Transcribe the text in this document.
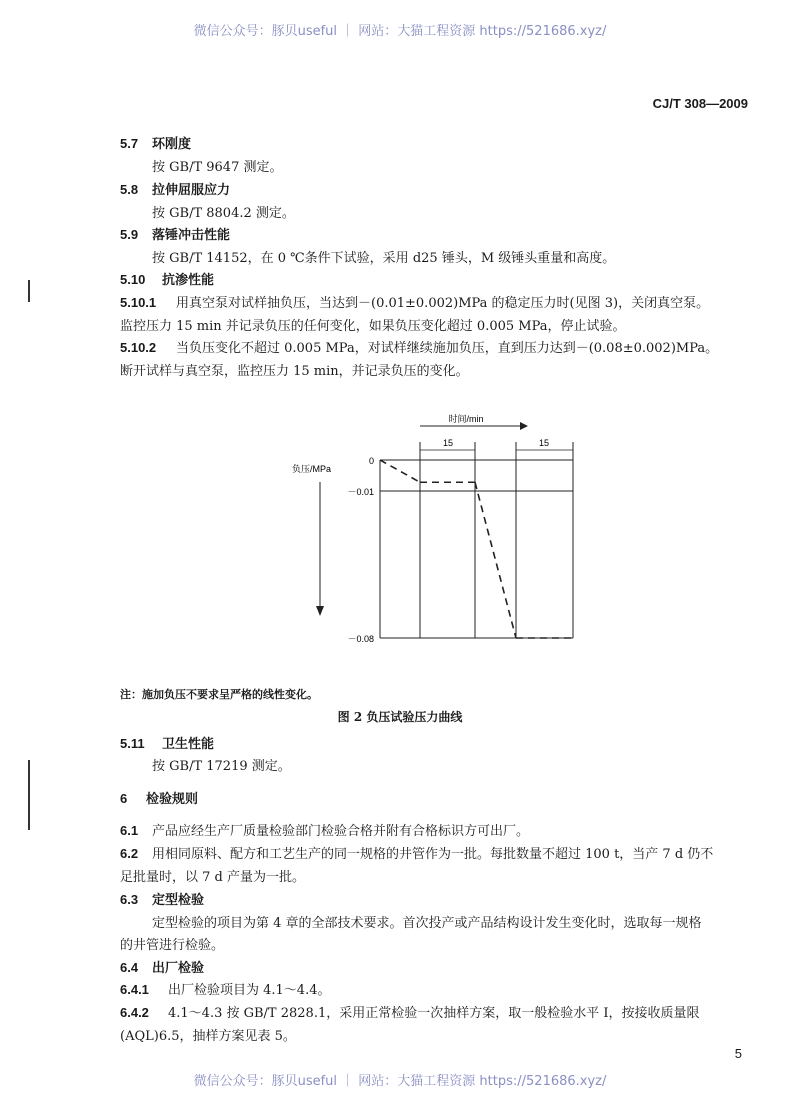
微信公众号：豚贝useful ｜ 网站：大猫工程资源 https://521686.xyz/
CJ/T 308—2009
5.7 环刚度
按 GB/T 9647 测定。
5.8 拉伸屈服应力
按 GB/T 8804.2 测定。
5.9 落锤冲击性能
按 GB/T 14152，在 0 ℃条件下试验，采用 d25 锤头，M 级锤头重量和高度。
5.10 抗渗性能
5.10.1 用真空泵对试样抽负压，当达到－(0.01±0.002)MPa 的稳定压力时(见图 3)，关闭真空泵。
监控压力 15 min 并记录负压的任何变化，如果负压变化超过 0.005 MPa，停止试验。
5.10.2 当负压变化不超过 0.005 MPa，对试样继续施加负压，直到压力达到－(0.08±0.002)MPa。
断开试样与真空泵，监控压力 15 min，并记录负压的变化。
时间/min
15	15
0
－0.01
－0.08
负压/MPa
注：施加负压不要求呈严格的线性变化。
图 2 负压试验压力曲线
5.11 卫生性能
按 GB/T 17219 测定。
6 检验规则
6.1 产品应经生产厂质量检验部门检验合格并附有合格标识方可出厂。
6.2 用相同原料、配方和工艺生产的同一规格的井管作为一批。每批数量不超过 100 t，当产 7 d 仍不
足批量时，以 7 d 产量为一批。
6.3 定型检验
定型检验的项目为第 4 章的全部技术要求。首次投产或产品结构设计发生变化时，选取每一规格
的井管进行检验。
6.4 出厂检验
6.4.1 出厂检验项目为 4.1～4.4。
6.4.2 4.1～4.3 按 GB/T 2828.1，采用正常检验一次抽样方案，取一般检验水平 Ⅰ，按接收质量限
(AQL)6.5，抽样方案见表 5。
5
微信公众号：豚贝useful ｜ 网站：大猫工程资源 https://521686.xyz/
